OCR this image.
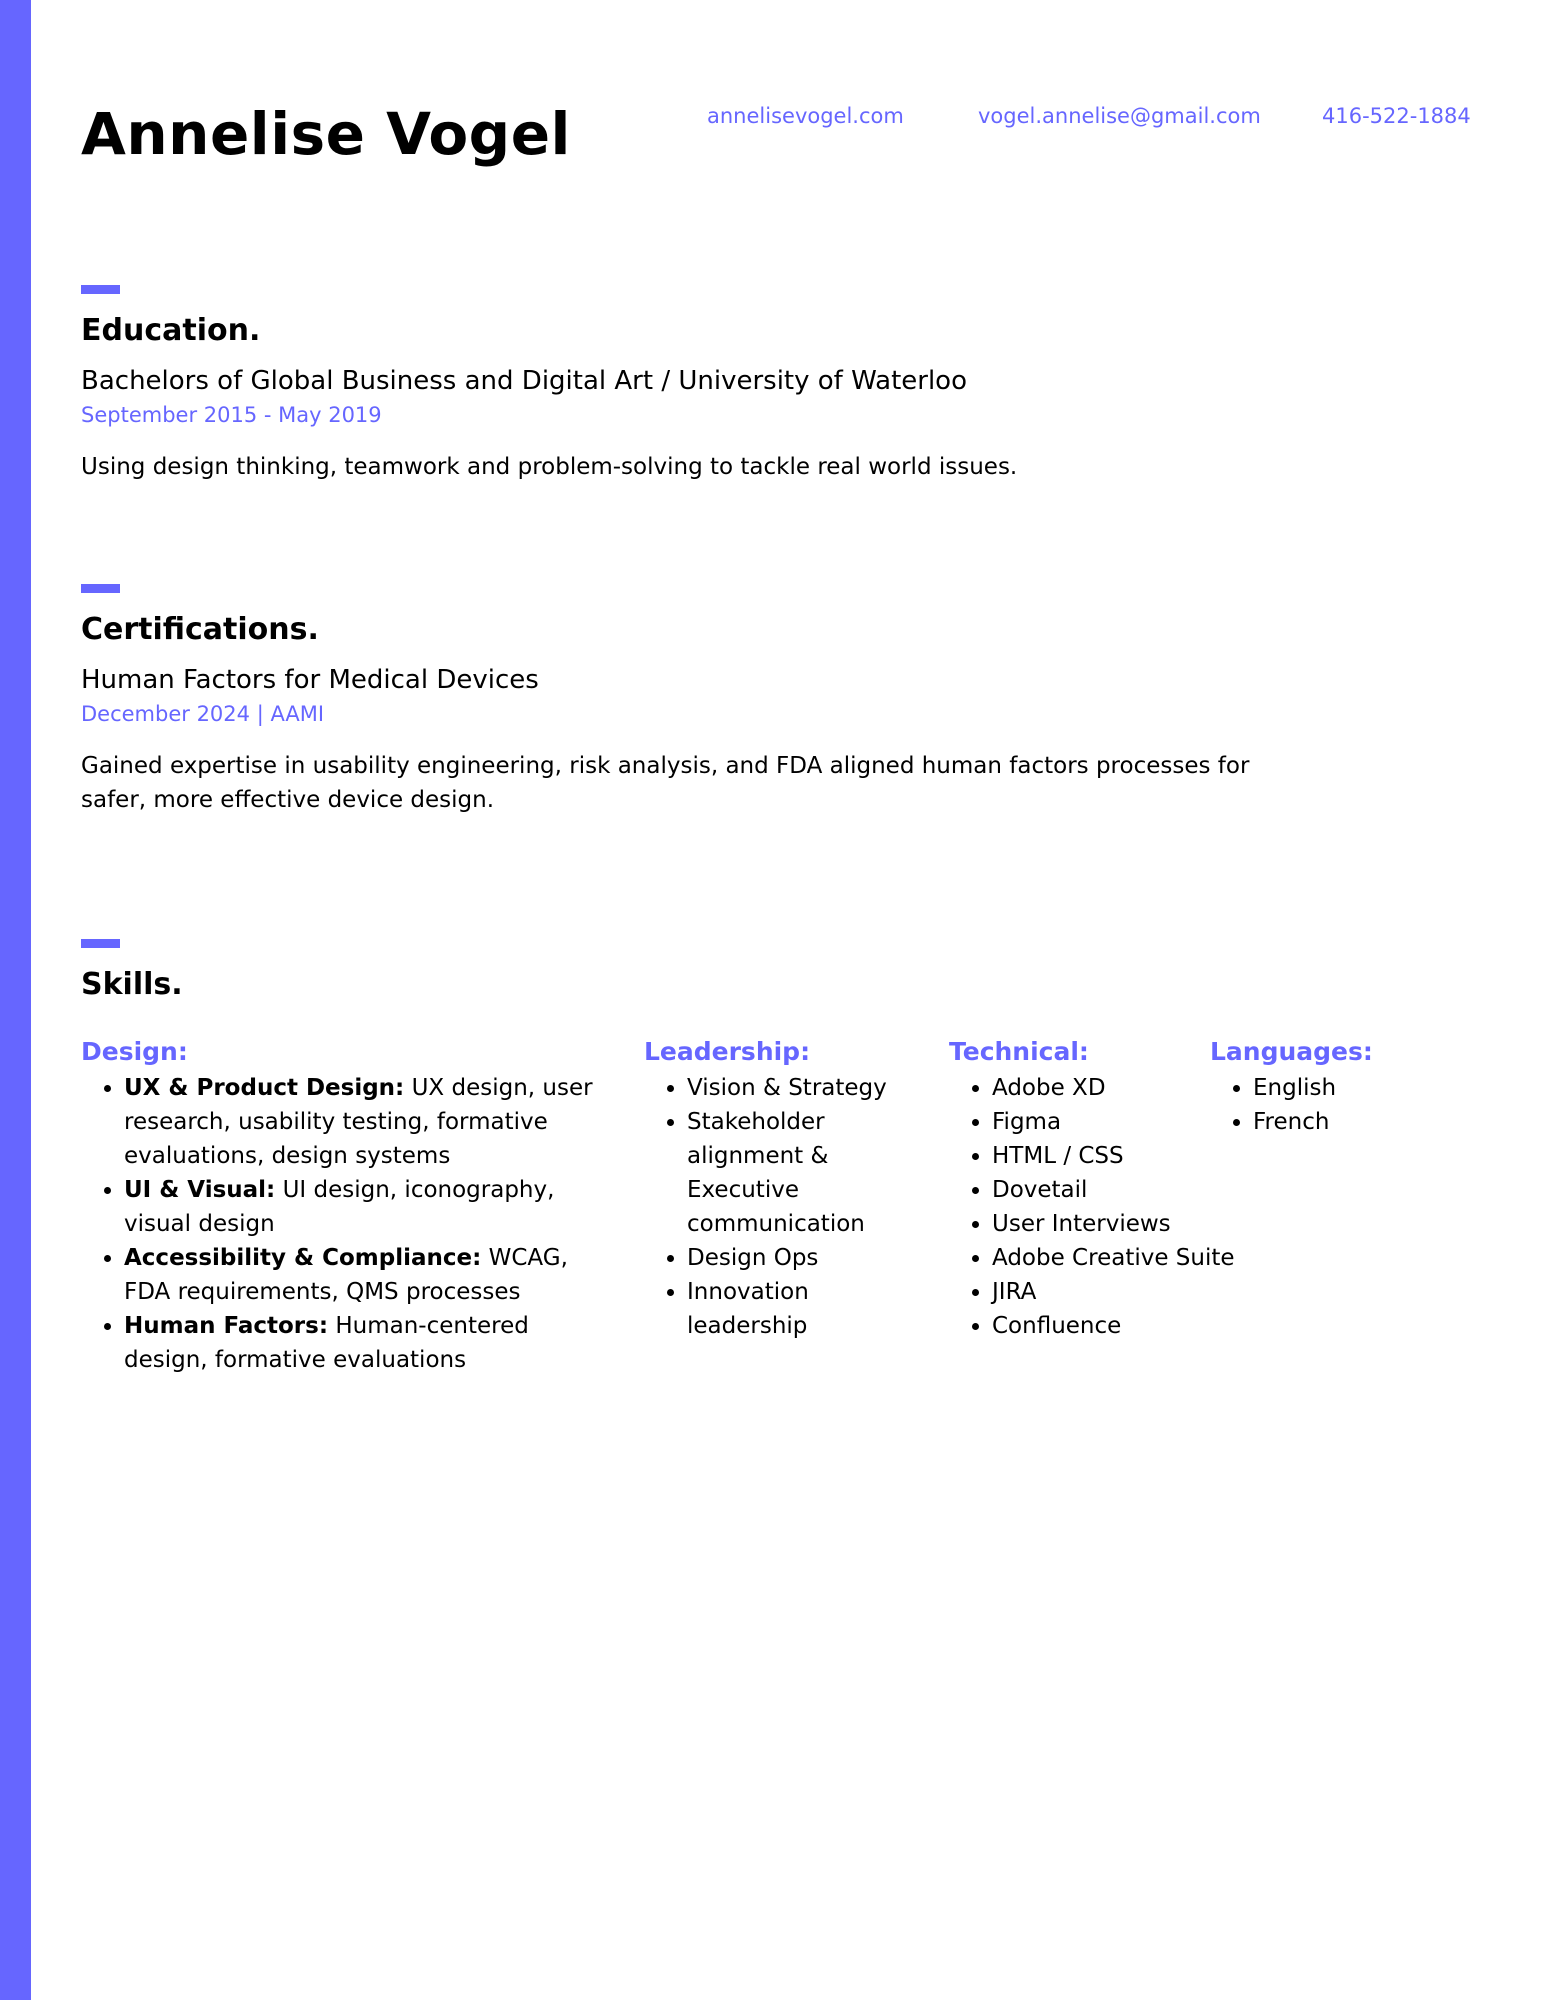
Annelise Vogel	annelisevogel.com	vogel.annelise@gmail.com	416-522-1884
Education.

Bachelors of Global Business and Digital Art / University of Waterloo

September 2015 - May 2019

Using design thinking, teamwork and problem-solving to tackle real world issues.

Certifications.

Human Factors for Medical Devices

December 2024 | AAMI

Gained expertise in usability engineering, risk analysis, and FDA aligned human factors processes for safer, more effective device design.

Skills.
Design:
• UX & Product Design: UX design, user research, usability testing, formative evaluations, design systems
• UI & Visual: UI design, iconography, visual design
• Accessibility & Compliance: WCAG, FDA requirements, QMS processes
• Human Factors: Human-centered design, formative evaluations
Leadership:
• Vision & Strategy
• Stakeholder alignment & Executive communication
• Design Ops
• Innovation leadership
Technical:
• Adobe XD
• Figma
• HTML / CSS
• Dovetail
• User Interviews
• Adobe Creative Suite
• JIRA
• Confluence
Languages:
• English
• French
